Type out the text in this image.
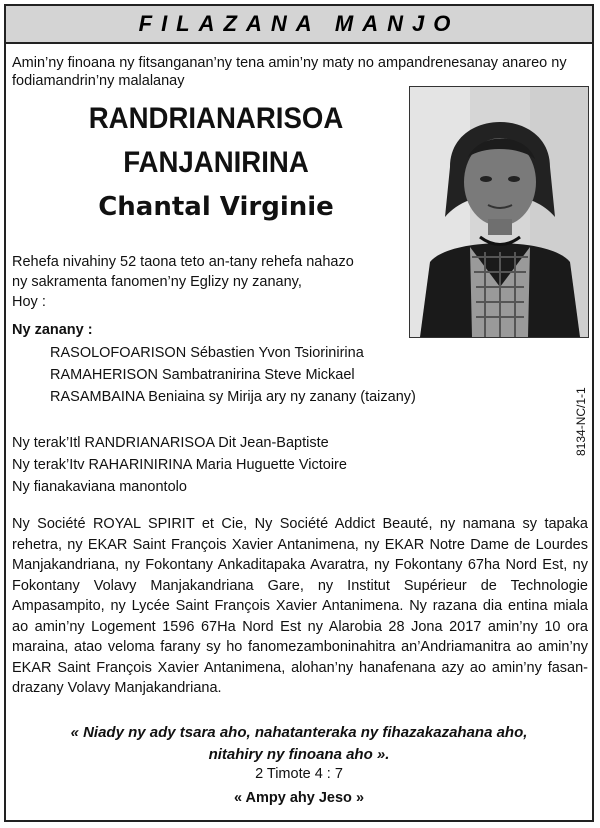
FILAZANA MANJO
Amin’ny finoana ny fitsanganan’ny tena amin’ny maty no ampandrenesanay anareo ny fodiamandrin’ny malalanay
RANDRIANARISOA
FANJANIRINA
Chantal Virginie
Rehefa nivahiny 52 taona teto an-tany rehefa nahazo
ny sakramenta fanomen’ny Eglizy ny zanany,
Hoy :
Ny zanany :
RASOLOFOARISON Sébastien Yvon Tsiorinirina
RAMAHERISON Sambatranirina Steve Mickael
RASAMBAINA Beniaina sy Mirija ary ny zanany (taizany)	8134-NC/1-1
Ny terak’Itl RANDRIANARISOA Dit Jean-Baptiste
Ny terak’Itv RAHARINIRINA Maria Huguette Victoire
Ny fianakaviana manontolo
Ny Société ROYAL SPIRIT et Cie, Ny Société Addict Beauté, ny namana sy tapaka rehetra, ny EKAR Saint François Xavier Antanimena, ny EKAR Notre Dame de Lourdes Manjakandriana, ny Fokontany Ankaditapaka Avaratra, ny Fokontany 67ha Nord Est, ny Fokontany Volavy Manjakandriana Gare, ny Institut Supérieur de Technologie Ampasampito, ny Lycée Saint François Xavier Antanimena. Ny razana dia entina miala ao amin’ny Logement 1596 67Ha Nord Est ny Alarobia 28 Jona 2017 amin’ny 10 ora maraina, atao veloma farany sy ho fanomezamboninahitra an’Andriamanitra ao amin’ny EKAR Saint François Xavier Antanimena, alohan’ny hanafenana azy ao amin’ny fasan-drazany Volavy Manjakandriana.
« Niady ny ady tsara aho, nahatanteraka ny fihazakazahana aho,
nitahiry ny finoana aho ».
2 Timote 4 : 7
« Ampy ahy Jeso »
